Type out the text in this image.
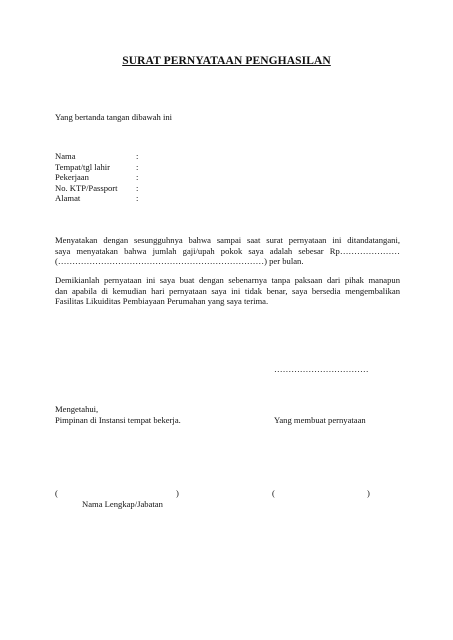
SURAT PERNYATAAN PENGHASILAN
Yang bertanda tangan dibawah ini
Nama	:
Tempat/tgl lahir	:
Pekerjaan	:
No. KTP/Passport	:
Alamat	:
Menyatakan dengan sesungguhnya bahwa sampai saat surat pernyataan ini ditandatangani,
saya menyatakan bahwa jumlah gaji/upah pokok saya adalah sebesar Rp…………………
(………………………………………………………………) per bulan.
Demikianlah pernyataan ini saya buat dengan sebenarnya tanpa paksaan dari pihak manapun
dan apabila di kemudian hari pernyataan saya ini tidak benar, saya bersedia mengembalikan
Fasilitas Likuiditas Pembiayaan Perumahan yang saya terima.
……………………………
Mengetahui,
Pimpinan di Instansi tempat bekerja.	Yang membuat pernyataan
(	)	(	)
Nama Lengkap/Jabatan
